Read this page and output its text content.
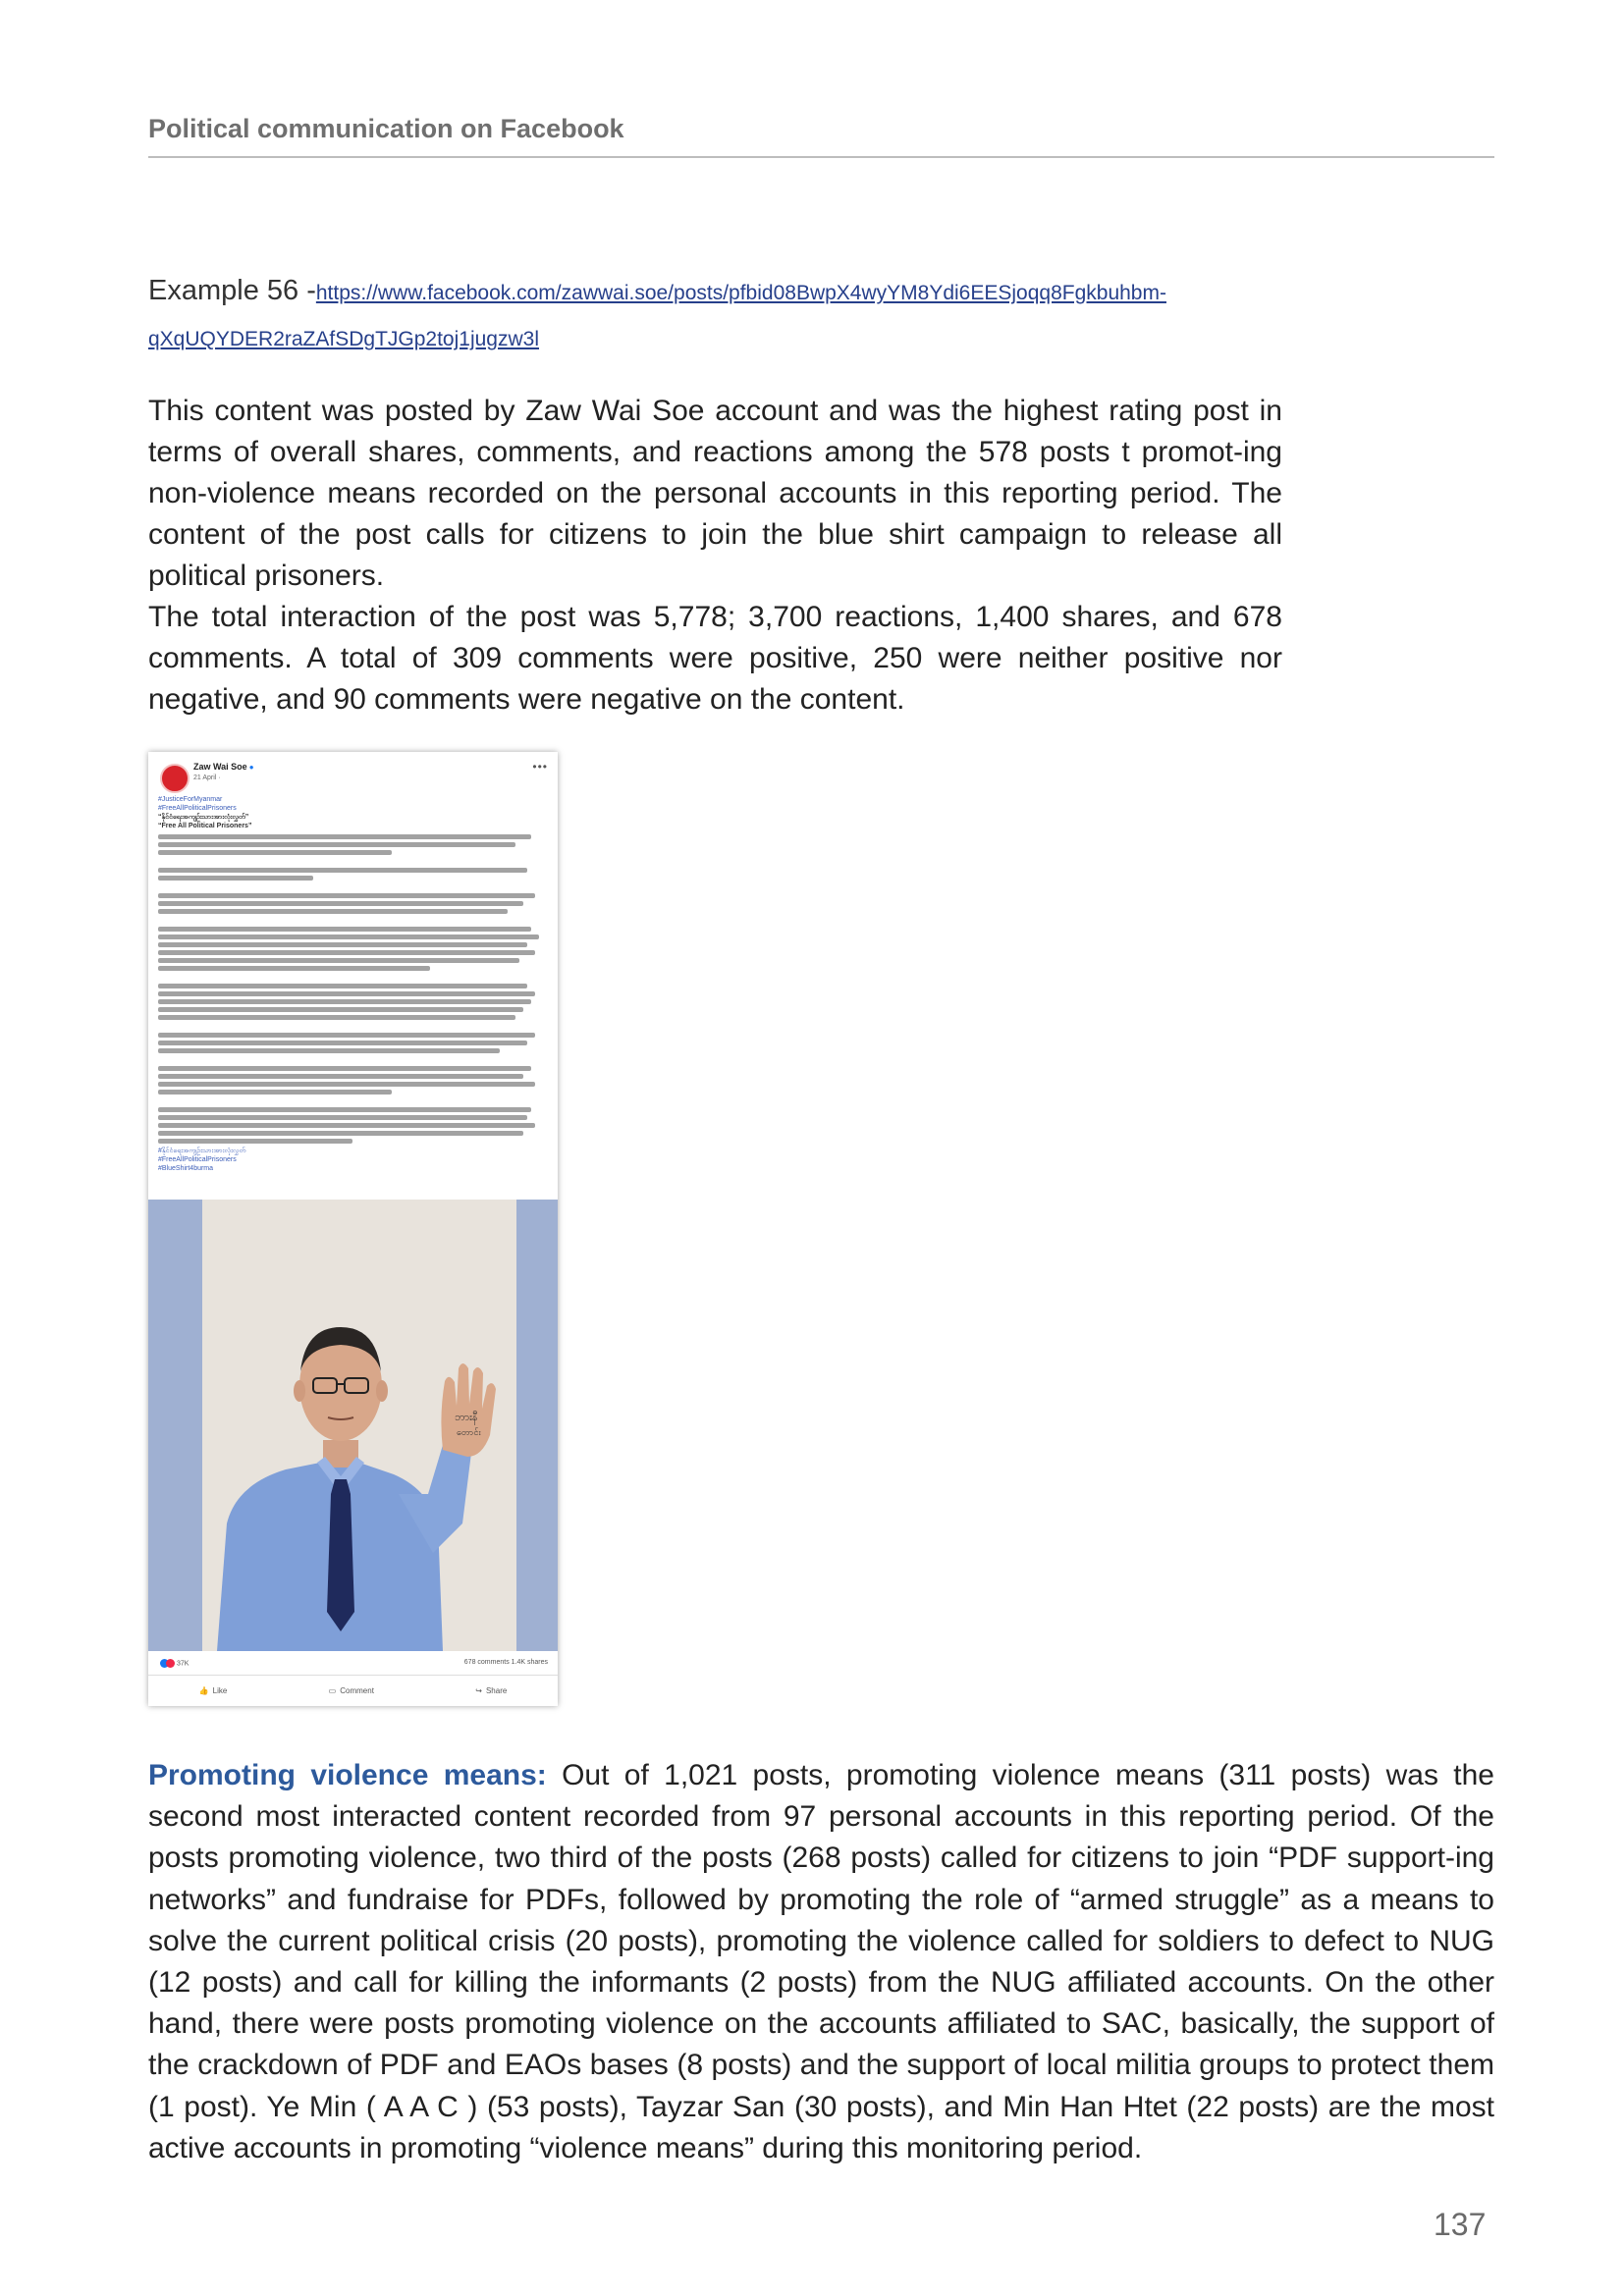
Political communication on Facebook
Example 56 -https://www.facebook.com/zawwai.soe/posts/pfbid08BwpX4wyYM8Ydi6EESjoqq8Fgkbuhbm-
qXqUQYDER2raZAfSDgTJGp2toj1jugzw3l

This content was posted by Zaw Wai Soe account and was the highest rating post in terms of overall shares, comments, and reactions among the 578 posts t promot-ing non-violence means recorded on the personal accounts in this reporting period. The content of the post calls for citizens to join the blue shirt campaign to release all political prisoners.

The total interaction of the post was 5,778; 3,700 reactions, 1,400 shares, and 678 comments. A total of 309 comments were positive, 250 were neither positive nor negative, and 90 comments were negative on the content.

Zaw Wai Soe ●
21 April ·
•••
#JusticeForMyanmar
#FreeAllPoliticalPrisoners
“နိုင်ငံရေးအကျဉ်းသားအားလုံးလွှတ်”
“Free All Political Prisoners”
#နိုင်ငံရေးအကျဉ်းသားအားလုံးလွှတ်
#FreeAllPoliticalPrisoners
#BlueShirt4burma
ဘားနီ
တောင်း
37K	678 comments 1.4K shares
👍 Like	▭ Comment	↪ Share

Promoting violence means: Out of 1,021 posts, promoting violence means (311 posts) was the second most interacted content recorded from 97 personal accounts in this reporting period. Of the posts promoting violence, two third of the posts (268 posts) called for citizens to join “PDF support-ing networks” and fundraise for PDFs, followed by promoting the role of “armed struggle” as a means to solve the current political crisis (20 posts), promoting the violence called for soldiers to defect to NUG (12 posts) and call for killing the informants (2 posts) from the NUG affiliated accounts. On the other hand, there were posts promoting violence on the accounts affiliated to SAC, basically, the support of the crackdown of PDF and EAOs bases (8 posts) and the support of local militia groups to protect them (1 post). Ye Min ( A A C ) (53 posts), Tayzar San (30 posts), and Min Han Htet (22 posts) are the most active accounts in promoting “violence means” during this monitoring period.

137
